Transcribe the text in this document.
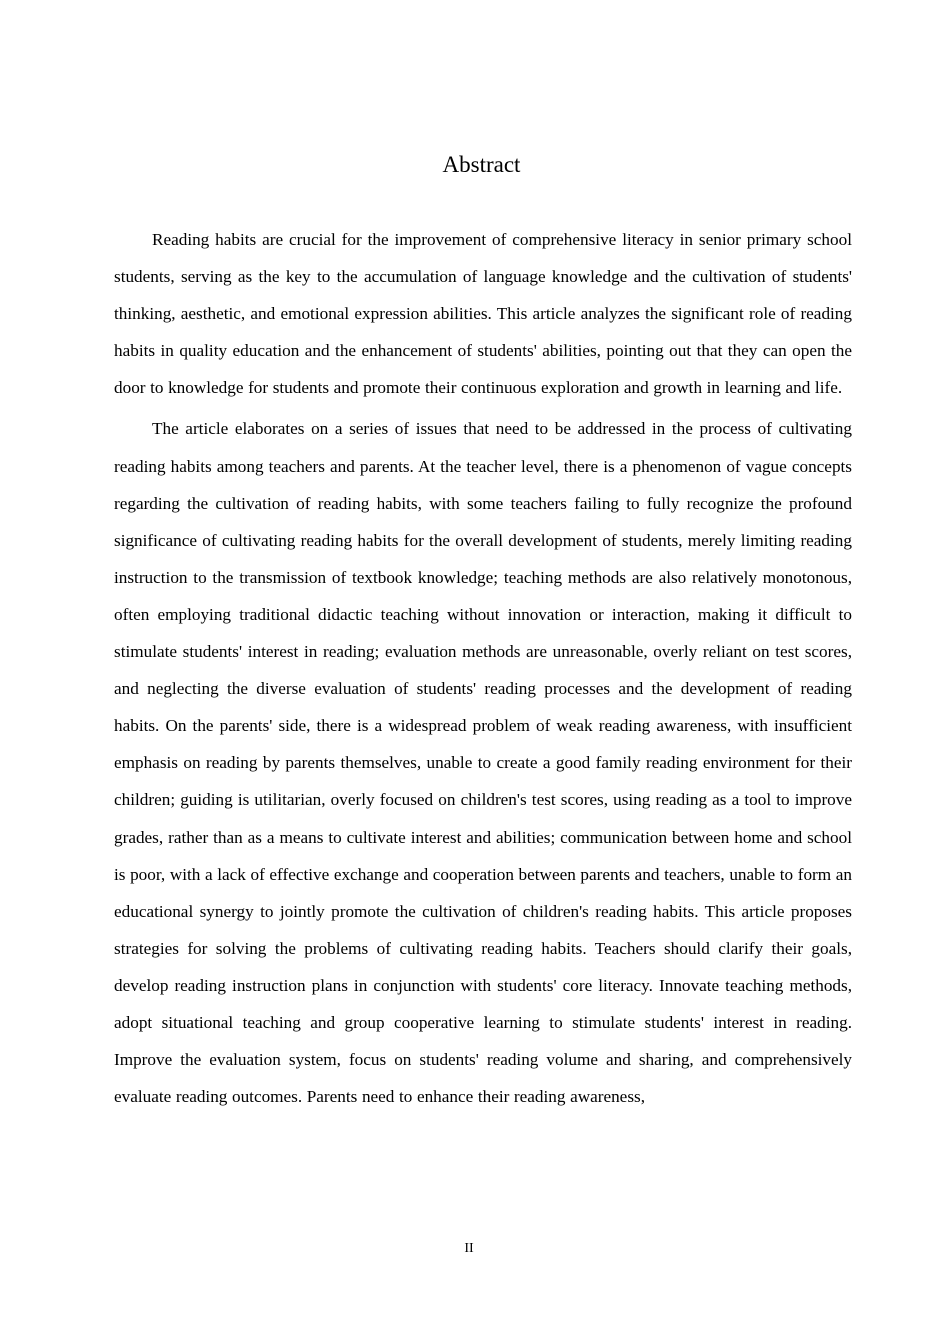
Abstract

Reading habits are crucial for the improvement of comprehensive literacy in senior primary school students, serving as the key to the accumulation of language knowledge and the cultivation of students' thinking, aesthetic, and emotional expression abilities. This article analyzes the significant role of reading habits in quality education and the enhancement of students' abilities, pointing out that they can open the door to knowledge for students and promote their continuous exploration and growth in learning and life.

The article elaborates on a series of issues that need to be addressed in the process of cultivating reading habits among teachers and parents. At the teacher level, there is a phenomenon of vague concepts regarding the cultivation of reading habits, with some teachers failing to fully recognize the profound significance of cultivating reading habits for the overall development of students, merely limiting reading instruction to the transmission of textbook knowledge; teaching methods are also relatively monotonous, often employing traditional didactic teaching without innovation or interaction, making it difficult to stimulate students' interest in reading; evaluation methods are unreasonable, overly reliant on test scores, and neglecting the diverse evaluation of students' reading processes and the development of reading habits. On the parents' side, there is a widespread problem of weak reading awareness, with insufficient emphasis on reading by parents themselves, unable to create a good family reading environment for their children; guiding is utilitarian, overly focused on children's test scores, using reading as a tool to improve grades, rather than as a means to cultivate interest and abilities; communication between home and school is poor, with a lack of effective exchange and cooperation between parents and teachers, unable to form an educational synergy to jointly promote the cultivation of children's reading habits. This article proposes strategies for solving the problems of cultivating reading habits. Teachers should clarify their goals, develop reading instruction plans in conjunction with students' core literacy. Innovate teaching methods, adopt situational teaching and group cooperative learning to stimulate students' interest in reading. Improve the evaluation system, focus on students' reading volume and sharing, and comprehensively evaluate reading outcomes. Parents need to enhance their reading awareness,

II
